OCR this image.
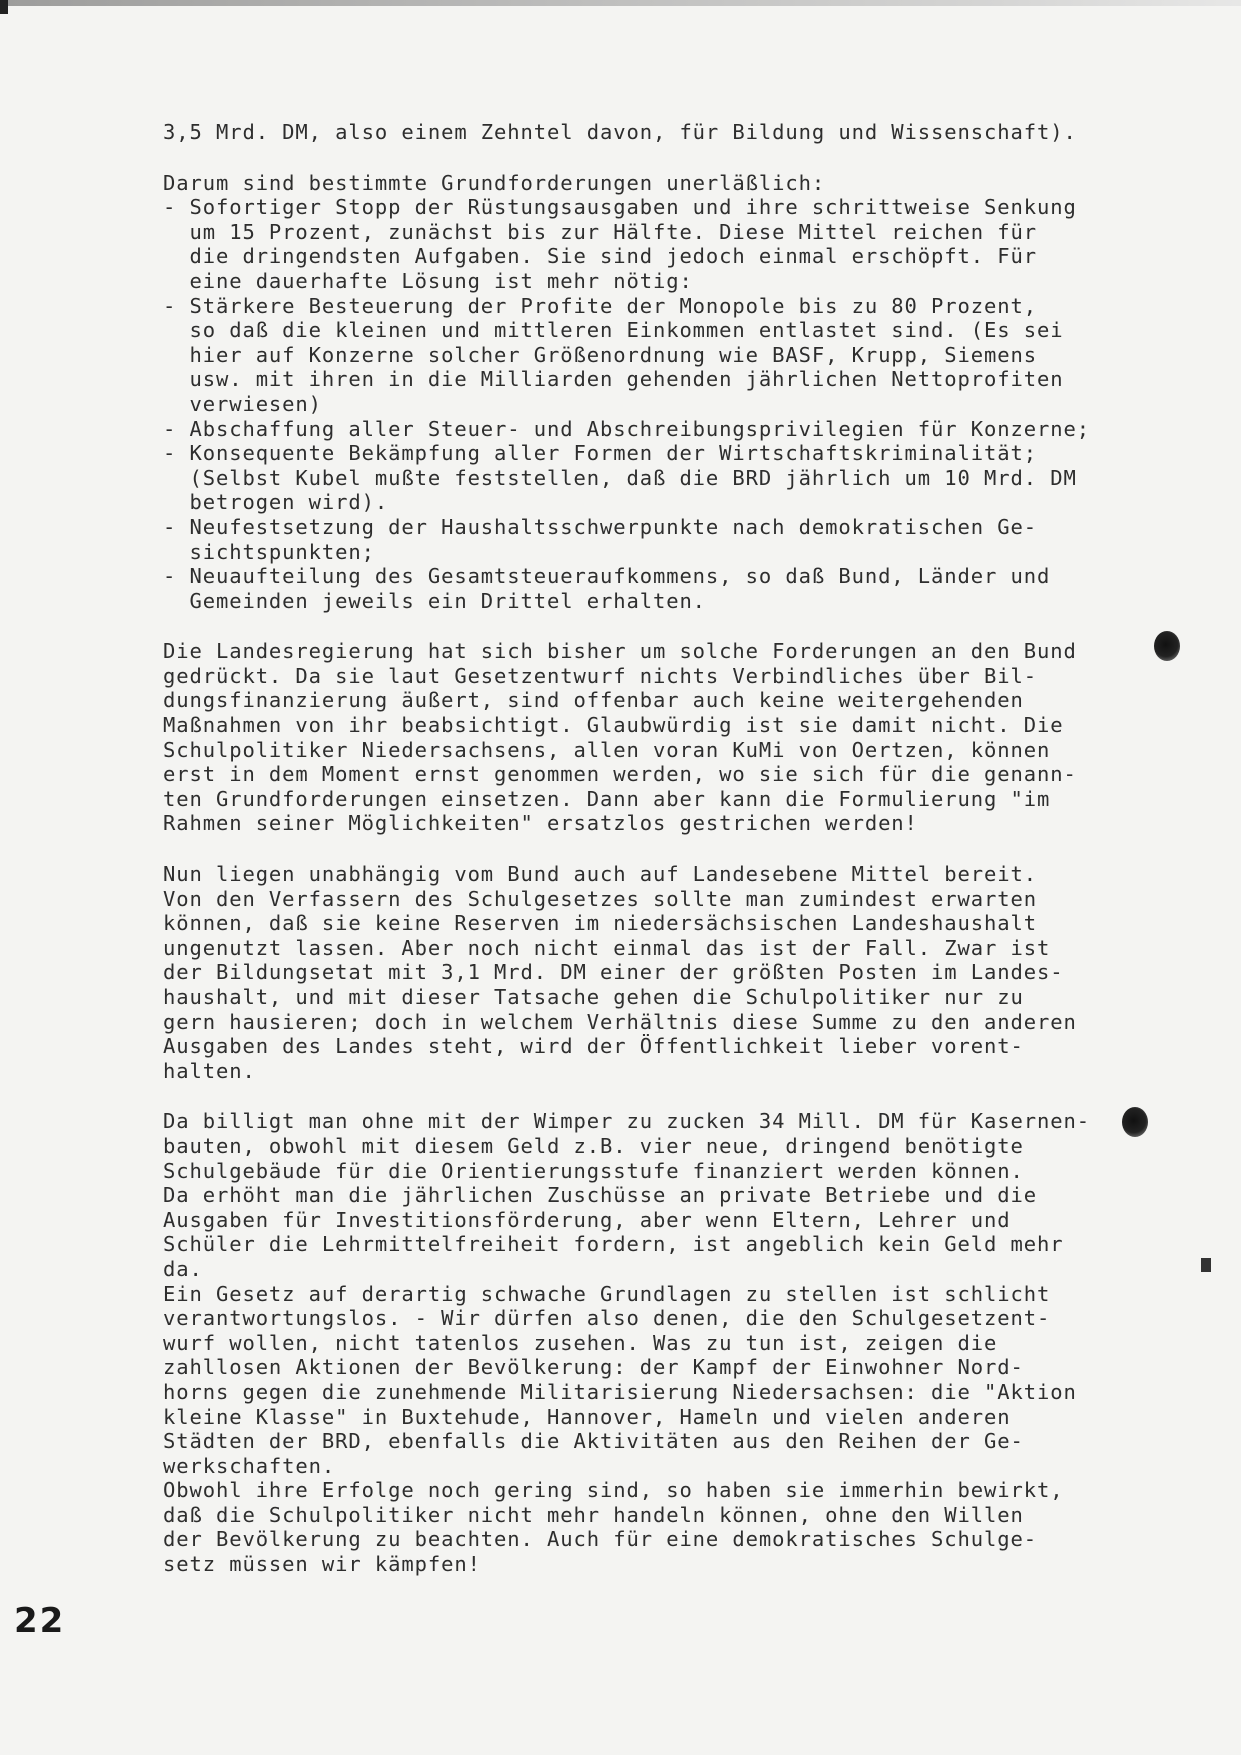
3,5 Mrd. DM, also einem Zehntel davon, für Bildung und Wissenschaft).
Darum sind bestimmte Grundforderungen unerläßlich:
- Sofortiger Stopp der Rüstungsausgaben und ihre schrittweise Senkung
um 15 Prozent, zunächst bis zur Hälfte. Diese Mittel reichen für
die dringendsten Aufgaben. Sie sind jedoch einmal erschöpft. Für
eine dauerhafte Lösung ist mehr nötig:
- Stärkere Besteuerung der Profite der Monopole bis zu 80 Prozent,
so daß die kleinen und mittleren Einkommen entlastet sind. (Es sei
hier auf Konzerne solcher Größenordnung wie BASF, Krupp, Siemens
usw. mit ihren in die Milliarden gehenden jährlichen Nettoprofiten
verwiesen)
- Abschaffung aller Steuer- und Abschreibungsprivilegien für Konzerne;
- Konsequente Bekämpfung aller Formen der Wirtschaftskriminalität;
(Selbst Kubel mußte feststellen, daß die BRD jährlich um 10 Mrd. DM
betrogen wird).
- Neufestsetzung der Haushaltsschwerpunkte nach demokratischen Ge-
sichtspunkten;
- Neuaufteilung des Gesamtsteueraufkommens, so daß Bund, Länder und
Gemeinden jeweils ein Drittel erhalten.
Die Landesregierung hat sich bisher um solche Forderungen an den Bund
gedrückt. Da sie laut Gesetzentwurf nichts Verbindliches über Bil-
dungsfinanzierung äußert, sind offenbar auch keine weitergehenden
Maßnahmen von ihr beabsichtigt. Glaubwürdig ist sie damit nicht. Die
Schulpolitiker Niedersachsens, allen voran KuMi von Oertzen, können
erst in dem Moment ernst genommen werden, wo sie sich für die genann-
ten Grundforderungen einsetzen. Dann aber kann die Formulierung "im
Rahmen seiner Möglichkeiten" ersatzlos gestrichen werden!
Nun liegen unabhängig vom Bund auch auf Landesebene Mittel bereit.
Von den Verfassern des Schulgesetzes sollte man zumindest erwarten
können, daß sie keine Reserven im niedersächsischen Landeshaushalt
ungenutzt lassen. Aber noch nicht einmal das ist der Fall. Zwar ist
der Bildungsetat mit 3,1 Mrd. DM einer der größten Posten im Landes-
haushalt, und mit dieser Tatsache gehen die Schulpolitiker nur zu
gern hausieren; doch in welchem Verhältnis diese Summe zu den anderen
Ausgaben des Landes steht, wird der Öffentlichkeit lieber vorent-
halten.
Da billigt man ohne mit der Wimper zu zucken 34 Mill. DM für Kasernen-
bauten, obwohl mit diesem Geld z.B. vier neue, dringend benötigte
Schulgebäude für die Orientierungsstufe finanziert werden können.
Da erhöht man die jährlichen Zuschüsse an private Betriebe und die
Ausgaben für Investitionsförderung, aber wenn Eltern, Lehrer und
Schüler die Lehrmittelfreiheit fordern, ist angeblich kein Geld mehr
da.
Ein Gesetz auf derartig schwache Grundlagen zu stellen ist schlicht
verantwortungslos. - Wir dürfen also denen, die den Schulgesetzent-
wurf wollen, nicht tatenlos zusehen. Was zu tun ist, zeigen die
zahllosen Aktionen der Bevölkerung: der Kampf der Einwohner Nord-
horns gegen die zunehmende Militarisierung Niedersachsen: die "Aktion
kleine Klasse" in Buxtehude, Hannover, Hameln und vielen anderen
Städten der BRD, ebenfalls die Aktivitäten aus den Reihen der Ge-
werkschaften.
Obwohl ihre Erfolge noch gering sind, so haben sie immerhin bewirkt,
daß die Schulpolitiker nicht mehr handeln können, ohne den Willen
der Bevölkerung zu beachten. Auch für eine demokratisches Schulge-
setz müssen wir kämpfen!
22
